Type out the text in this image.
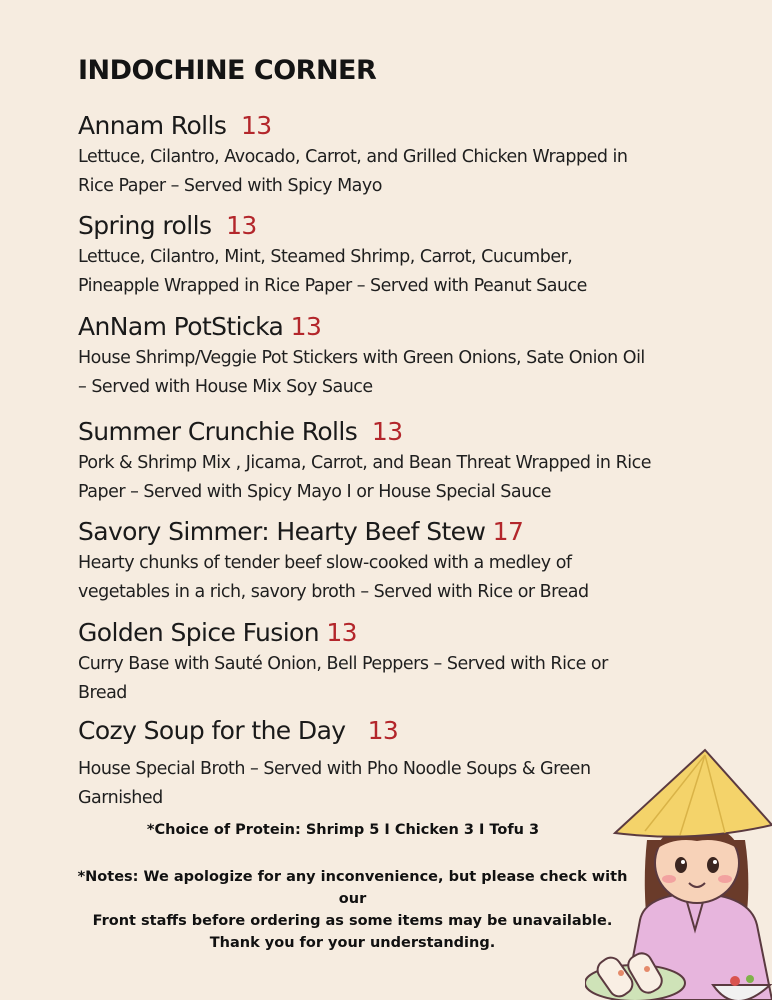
INDOCHINE CORNER
Annam Rolls 13
Lettuce, Cilantro, Avocado, Carrot, and Grilled Chicken Wrapped in Rice Paper – Served with Spicy Mayo
Spring rolls 13
Lettuce, Cilantro, Mint, Steamed Shrimp, Carrot, Cucumber, Pineapple Wrapped in Rice Paper – Served with Peanut Sauce
AnNam PotSticka 13
House Shrimp/Veggie Pot Stickers with Green Onions, Sate Onion Oil – Served with House Mix Soy Sauce
Summer Crunchie Rolls 13
Pork & Shrimp Mix , Jicama, Carrot, and Bean Threat Wrapped in Rice Paper – Served with Spicy Mayo I or House Special Sauce
Savory Simmer: Hearty Beef Stew 17
Hearty chunks of tender beef slow-cooked with a medley of vegetables in a rich, savory broth – Served with Rice or Bread
Golden Spice Fusion 13
Curry Base with Sauté Onion, Bell Peppers – Served with Rice or Bread
Cozy Soup for the Day 13
House Special Broth – Served with Pho Noodle Soups & Green Garnished
*Choice of Protein: Shrimp 5 I Chicken 3 I Tofu 3
*Notes: We apologize for any inconvenience, but please check with our
Front staffs before ordering as some items may be unavailable.
Thank you for your understanding.
